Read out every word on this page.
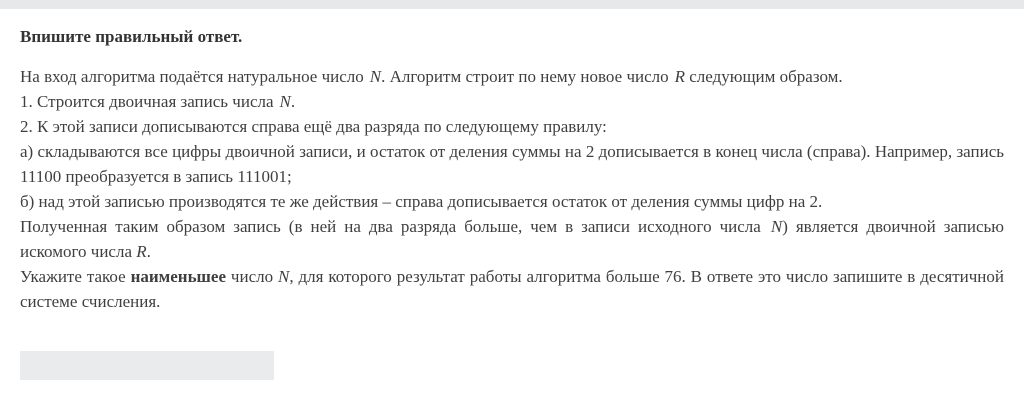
Впишите правильный ответ.

На вход алгоритма подаётся натуральное число N. Алгоритм строит по нему новое число R следующим образом.

1. Строится двоичная запись числа N.

2. К этой записи дописываются справа ещё два разряда по следующему правилу:

а) складываются все цифры двоичной записи, и остаток от деления суммы на 2 дописывается в конец числа (справа). Например, запись 11100 преобразуется в запись 111001;

б) над этой записью производятся те же действия – справа дописывается остаток от деления суммы цифр на 2.

Полученная таким образом запись (в ней на два разряда больше, чем в записи исходного числа N) является двоичной записью искомого числа R.

Укажите такое наименьшее число N, для которого результат работы алгоритма больше 76. В ответе это число запишите в десятичной системе счисления.
